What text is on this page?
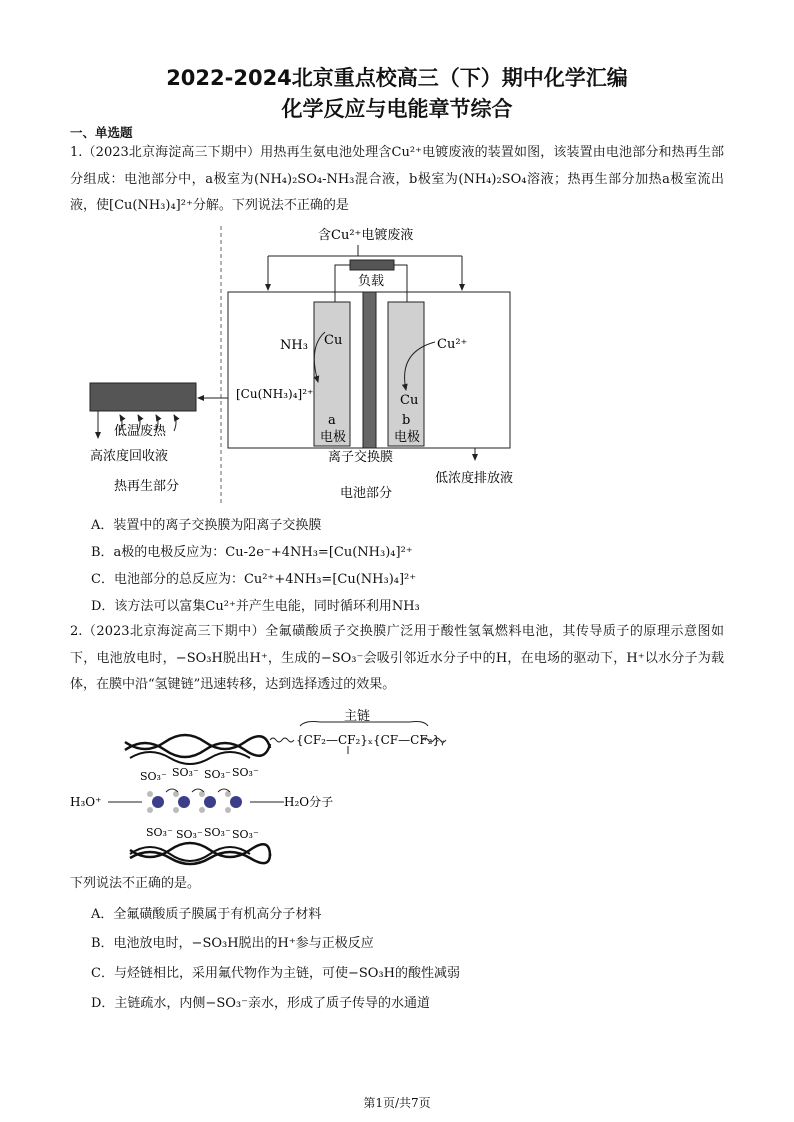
2022-2024北京重点校高三（下）期中化学汇编
化学反应与电能章节综合
一、单选题
1.（2023北京海淀高三下期中）用热再生氨电池处理含Cu²⁺电镀废液的装置如图，该装置由电池部分和热再生部分组成：电池部分中，a极室为(NH₄)₂SO₄-NH₃混合液，b极室为(NH₄)₂SO₄溶液；热再生部分加热a极室流出液，使[Cu(NH₃)₄]²⁺分解。下列说法不正确的是
含Cu²⁺电镀废液
负载
Cu
a
电极
Cu
b
电极
NH₃
[Cu(NH₃)₄]²⁺
Cu²⁺
低温废热
高浓度回收液
热再生部分
离子交换膜
电池部分
低浓度排放液
A．装置中的离子交换膜为阳离子交换膜
B．a极的电极反应为：Cu-2e⁻+4NH₃=[Cu(NH₃)₄]²⁺
C．电池部分的总反应为：Cu²⁺+4NH₃=[Cu(NH₃)₄]²⁺
D．该方法可以富集Cu²⁺并产生电能，同时循环利用NH₃
2.（2023北京海淀高三下期中）全氟磺酸质子交换膜广泛用于酸性氢氧燃料电池，其传导质子的原理示意图如下，电池放电时，−SO₃H脱出H⁺，生成的−SO₃⁻会吸引邻近水分子中的H，在电场的驱动下，H⁺以水分子为载体，在膜中沿“氢键链”迅速转移，达到选择透过的效果。
主链
{CF₂—CF₂}ₓ{CF—CF₂}ᵧ
SO₃⁻ SO₃⁻ SO₃⁻ SO₃⁻
H₃O⁺	H₂O分子
SO₃⁻ SO₃⁻ SO₃⁻ SO₃⁻
下列说法不正确的是。
A．全氟磺酸质子膜属于有机高分子材料
B．电池放电时，−SO₃H脱出的H⁺参与正极反应
C．与烃链相比，采用氟代物作为主链，可使−SO₃H的酸性减弱
D．主链疏水，内侧−SO₃⁻亲水，形成了质子传导的水通道
第1页/共7页
